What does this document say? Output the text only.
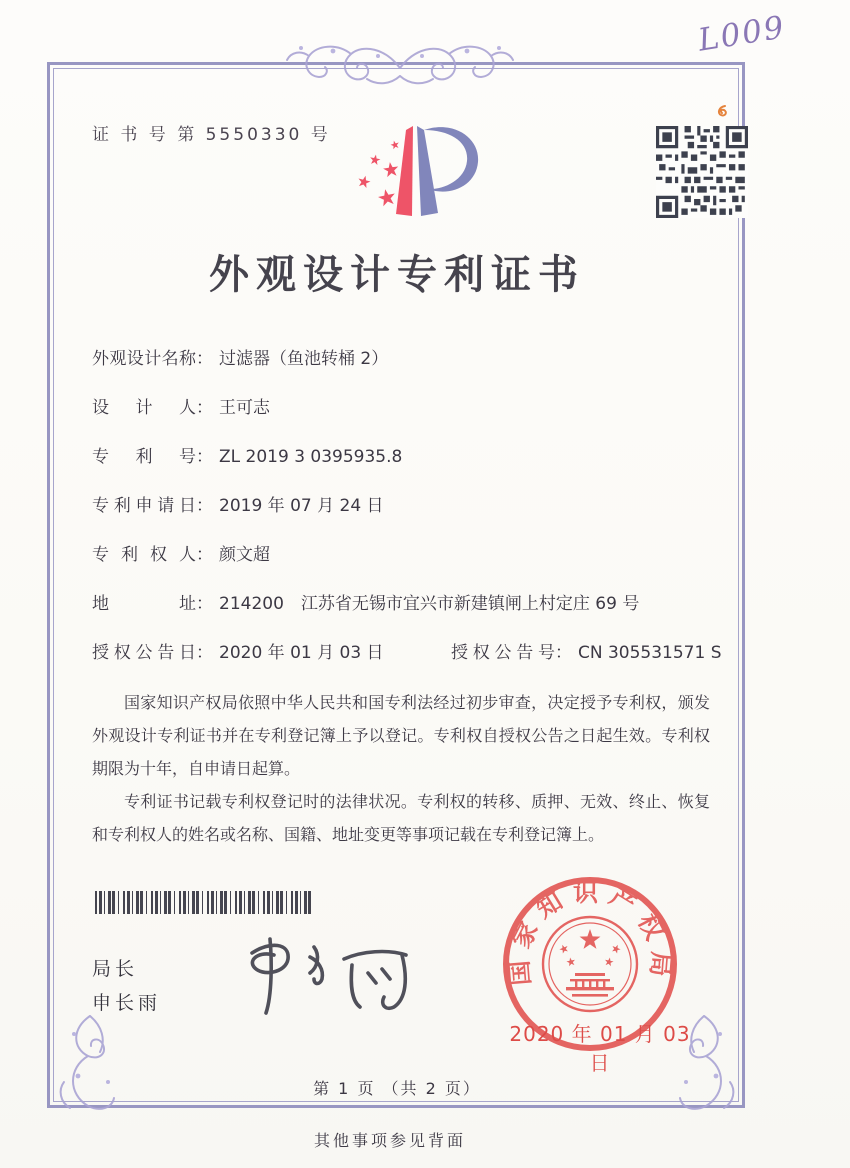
证 书 号 第 5550330 号
L009
外观设计专利证书
外观设计名称： 过滤器（鱼池转桶 2）
设计人： 王可志
专利号： ZL 2019 3 0395935.8
专利申请日： 2019 年 07 月 24 日
专利权人： 颜文超
地址： 214200　江苏省无锡市宜兴市新建镇闸上村定庄 69 号
授权公告日： 2020 年 01 月 03 日	授权公告号： CN 305531571 S

国家知识产权局依照中华人民共和国专利法经过初步审查，决定授予专利权，颁发外观设计专利证书并在专利登记簿上予以登记。专利权自授权公告之日起生效。专利权期限为十年，自申请日起算。

专利证书记载专利权登记时的法律状况。专利权的转移、质押、无效、终止、恢复和专利权人的姓名或名称、国籍、地址变更等事项记载在专利登记簿上。

局长
申长雨
国家知识产权局
2020 年 01 月 03 日
第 1 页 （共 2 页）
其他事项参见背面
